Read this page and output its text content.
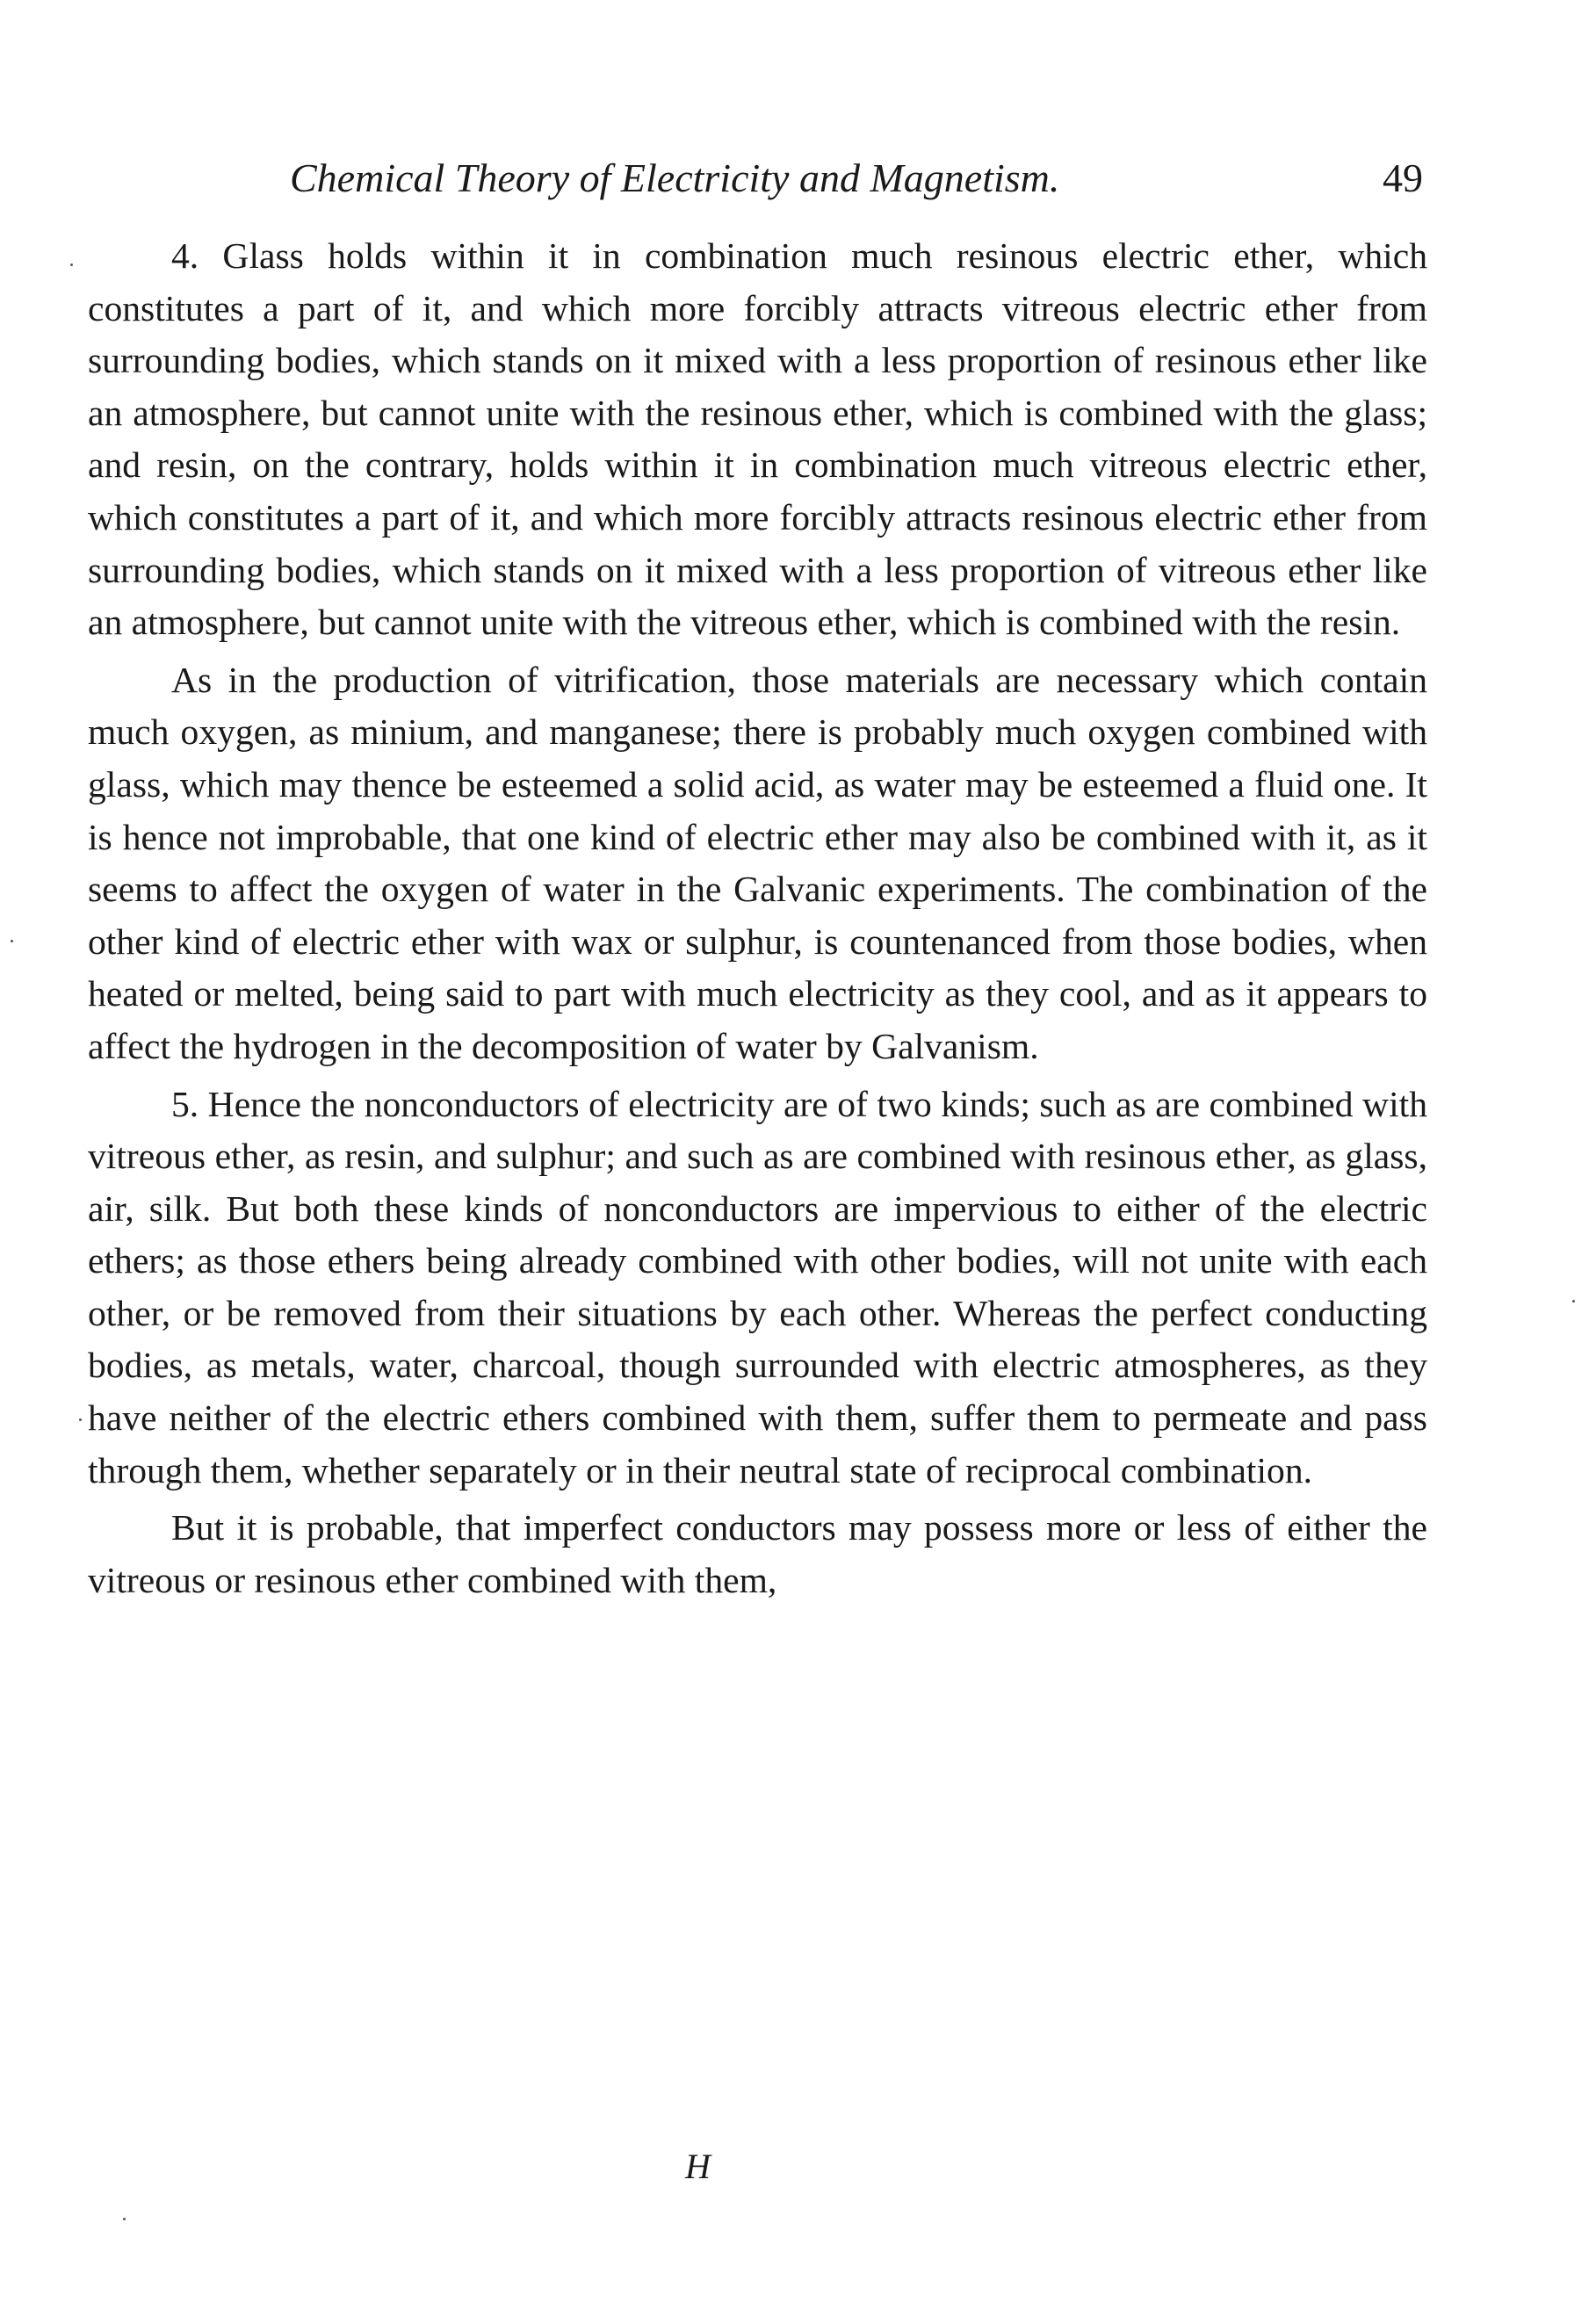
Chemical Theory of Electricity and Magnetism.	49

4. Glass holds within it in combination much resinous electric ether, which constitutes a part of it, and which more forcibly attracts vitreous electric ether from surrounding bodies, which stands on it mixed with a less proportion of resinous ether like an atmosphere, but cannot unite with the resinous ether, which is combined with the glass; and resin, on the contrary, holds within it in combination much vitreous electric ether, which constitutes a part of it, and which more forcibly attracts resinous electric ether from surrounding bodies, which stands on it mixed with a less proportion of vitreous ether like an atmosphere, but cannot unite with the vitreous ether, which is combined with the resin.

As in the production of vitrification, those materials are necessary which contain much oxygen, as minium, and manganese; there is probably much oxygen combined with glass, which may thence be esteemed a solid acid, as water may be esteemed a fluid one. It is hence not improbable, that one kind of electric ether may also be combined with it, as it seems to affect the oxygen of water in the Galvanic experiments. The combination of the other kind of electric ether with wax or sulphur, is countenanced from those bodies, when heated or melted, being said to part with much electricity as they cool, and as it appears to affect the hydrogen in the decomposition of water by Galvanism.

5. Hence the nonconductors of electricity are of two kinds; such as are combined with vitreous ether, as resin, and sulphur; and such as are combined with resinous ether, as glass, air, silk. But both these kinds of nonconductors are impervious to either of the electric ethers; as those ethers being already combined with other bodies, will not unite with each other, or be removed from their situations by each other. Whereas the perfect conducting bodies, as metals, water, charcoal, though surrounded with electric atmospheres, as they have neither of the electric ethers combined with them, suffer them to permeate and pass through them, whether separately or in their neutral state of reciprocal combination.

But it is probable, that imperfect conductors may possess more or less of either the vitreous or resinous ether combined with them,

H
